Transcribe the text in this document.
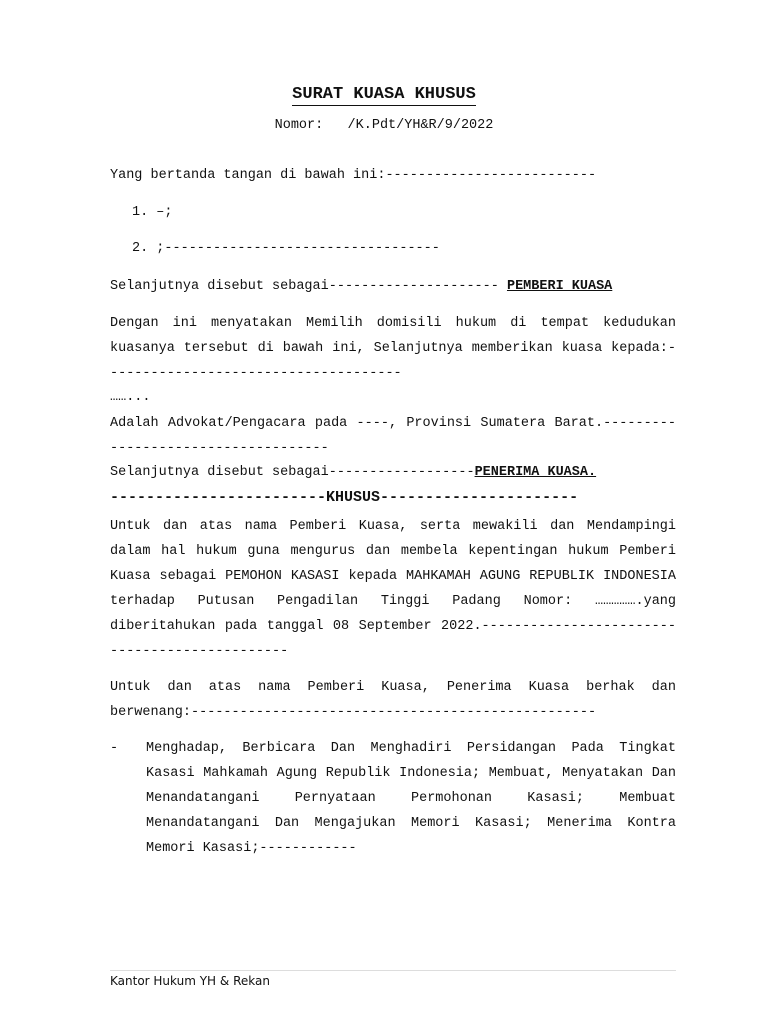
SURAT KUASA KHUSUS
Nomor:   /K.Pdt/YH&R/9/2022
Yang bertanda tangan di bawah ini:--------------------------
1. –;
2. ;----------------------------------
Selanjutnya disebut sebagai--------------------- PEMBERI KUASA
Dengan ini menyatakan Memilih domisili hukum di tempat kedudukan kuasanya tersebut di bawah ini, Selanjutnya memberikan kuasa kepada:-------------------------------------
……...
Adalah Advokat/Pengacara pada ----, Provinsi Sumatera Barat.------------------------------------
Selanjutnya disebut sebagai------------------PENERIMA KUASA.
------------------------KHUSUS----------------------
Untuk dan atas nama Pemberi Kuasa, serta mewakili dan Mendampingi dalam hal hukum guna mengurus dan membela kepentingan hukum Pemberi Kuasa sebagai PEMOHON KASASI kepada MAHKAMAH AGUNG REPUBLIK INDONESIA terhadap Putusan Pengadilan Tinggi Padang Nomor: …………….yang diberitahukan pada tanggal 08 September 2022.----------------------------------------------
Untuk dan atas nama Pemberi Kuasa, Penerima Kuasa berhak dan berwenang:--------------------------------------------------
- Menghadap, Berbicara Dan Menghadiri Persidangan Pada Tingkat Kasasi Mahkamah Agung Republik Indonesia; Membuat, Menyatakan Dan Menandatangani Pernyataan Permohonan Kasasi; Membuat Menandatangani Dan Mengajukan Memori Kasasi; Menerima Kontra Memori Kasasi;------------
Kantor Hukum YH & Rekan
